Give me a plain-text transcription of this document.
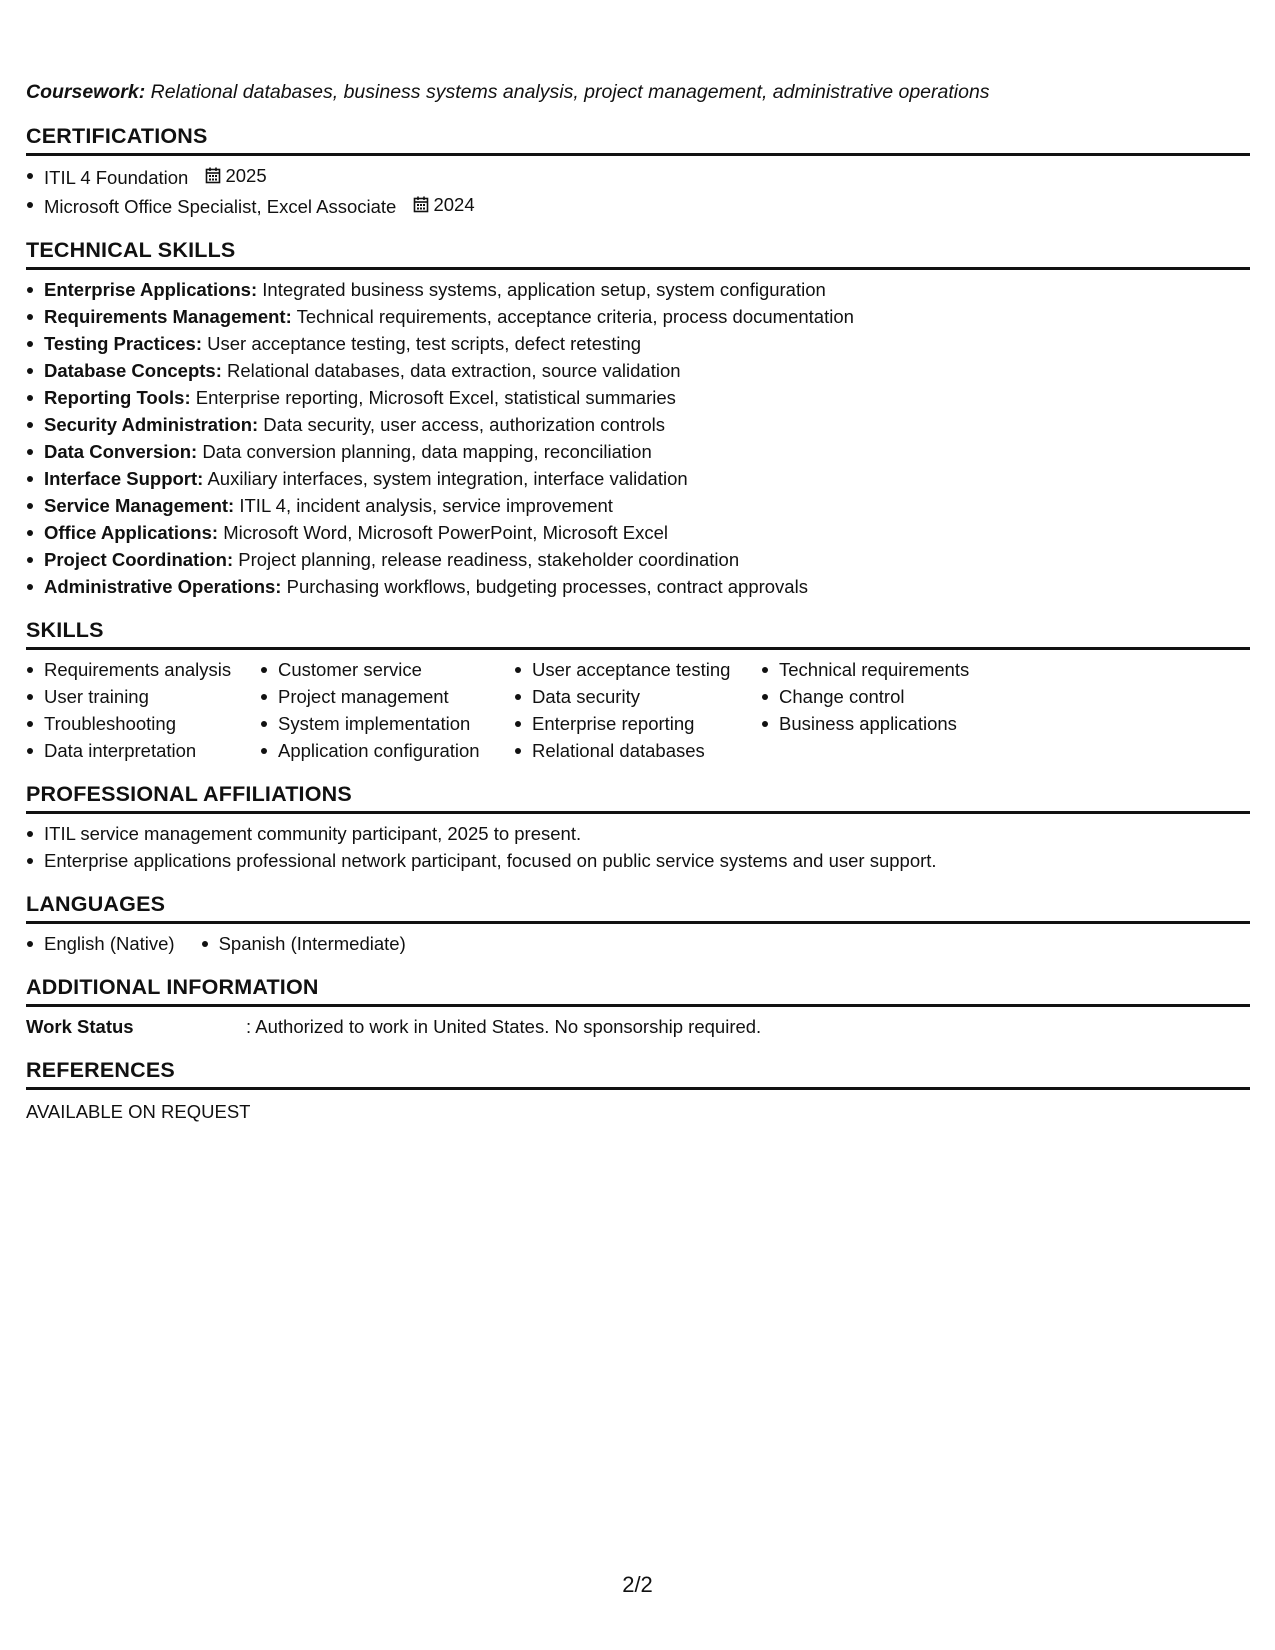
Coursework: Relational databases, business systems analysis, project management, administrative operations

CERTIFICATIONS
ITIL 4 Foundation 2025
Microsoft Office Specialist, Excel Associate 2024
TECHNICAL SKILLS
Enterprise Applications: Integrated business systems, application setup, system configuration
Requirements Management: Technical requirements, acceptance criteria, process documentation
Testing Practices: User acceptance testing, test scripts, defect retesting
Database Concepts: Relational databases, data extraction, source validation
Reporting Tools: Enterprise reporting, Microsoft Excel, statistical summaries
Security Administration: Data security, user access, authorization controls
Data Conversion: Data conversion planning, data mapping, reconciliation
Interface Support: Auxiliary interfaces, system integration, interface validation
Service Management: ITIL 4, incident analysis, service improvement
Office Applications: Microsoft Word, Microsoft PowerPoint, Microsoft Excel
Project Coordination: Project planning, release readiness, stakeholder coordination
Administrative Operations: Purchasing workflows, budgeting processes, contract approvals
SKILLS
Requirements analysis
User training
Troubleshooting
Data interpretation
Customer service
Project management
System implementation
Application configuration
User acceptance testing
Data security
Enterprise reporting
Relational databases
Technical requirements
Change control
Business applications
PROFESSIONAL AFFILIATIONS
ITIL service management community participant, 2025 to present.
Enterprise applications professional network participant, focused on public service systems and user support.
LANGUAGES
English (Native)	Spanish (Intermediate)
ADDITIONAL INFORMATION
Work Status	: Authorized to work in United States. No sponsorship required.
REFERENCES
AVAILABLE ON REQUEST
2/2
